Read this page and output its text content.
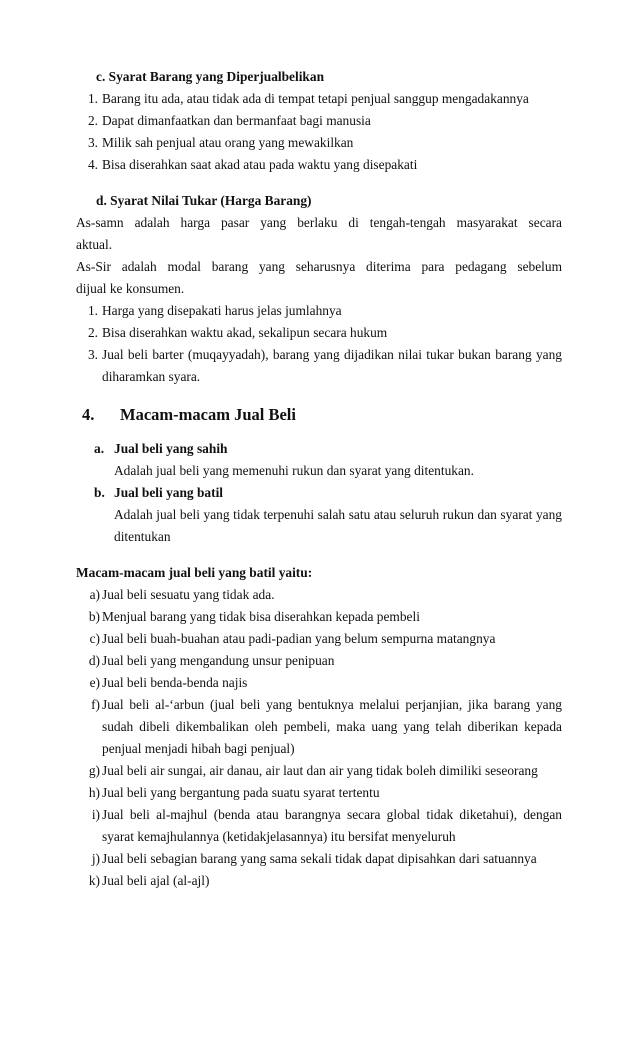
c. Syarat Barang yang Diperjualbelikan
1. Barang itu ada, atau tidak ada di tempat tetapi penjual sanggup mengadakannya
2. Dapat dimanfaatkan dan bermanfaat bagi manusia
3. Milik sah penjual atau orang yang mewakilkan
4. Bisa diserahkan saat akad atau pada waktu yang disepakati
d. Syarat Nilai Tukar (Harga Barang)
As-samn adalah harga pasar yang berlaku di tengah-tengah masyarakat secara
aktual.
As-Sir adalah modal barang yang seharusnya diterima para pedagang sebelum
dijual ke konsumen.
1. Harga yang disepakati harus jelas jumlahnya
2. Bisa diserahkan waktu akad, sekalipun secara hukum
3. Jual beli barter (muqayyadah), barang yang dijadikan nilai tukar bukan barang yang diharamkan syara.
4.	Macam-macam Jual Beli
a. Jual beli yang sahih
Adalah jual beli yang memenuhi rukun dan syarat yang ditentukan.
b. Jual beli yang batil
Adalah jual beli yang tidak terpenuhi salah satu atau seluruh rukun dan syarat yang ditentukan
Macam-macam jual beli yang batil yaitu:
a) Jual beli sesuatu yang tidak ada.
b) Menjual barang yang tidak bisa diserahkan kepada pembeli
c) Jual beli buah-buahan atau padi-padian yang belum sempurna matangnya
d) Jual beli yang mengandung unsur penipuan
e) Jual beli benda-benda najis
f) Jual beli al-‘arbun (jual beli yang bentuknya melalui perjanjian, jika barang yang sudah dibeli dikembalikan oleh pembeli, maka uang yang telah diberikan kepada penjual menjadi hibah bagi penjual)
g) Jual beli air sungai, air danau, air laut dan air yang tidak boleh dimiliki seseorang
h) Jual beli yang bergantung pada suatu syarat tertentu
i) Jual beli al-majhul (benda atau barangnya secara global tidak diketahui), dengan syarat kemajhulannya (ketidakjelasannya) itu bersifat menyeluruh
j) Jual beli sebagian barang yang sama sekali tidak dapat dipisahkan dari satuannya
k) Jual beli ajal (al-ajl)
